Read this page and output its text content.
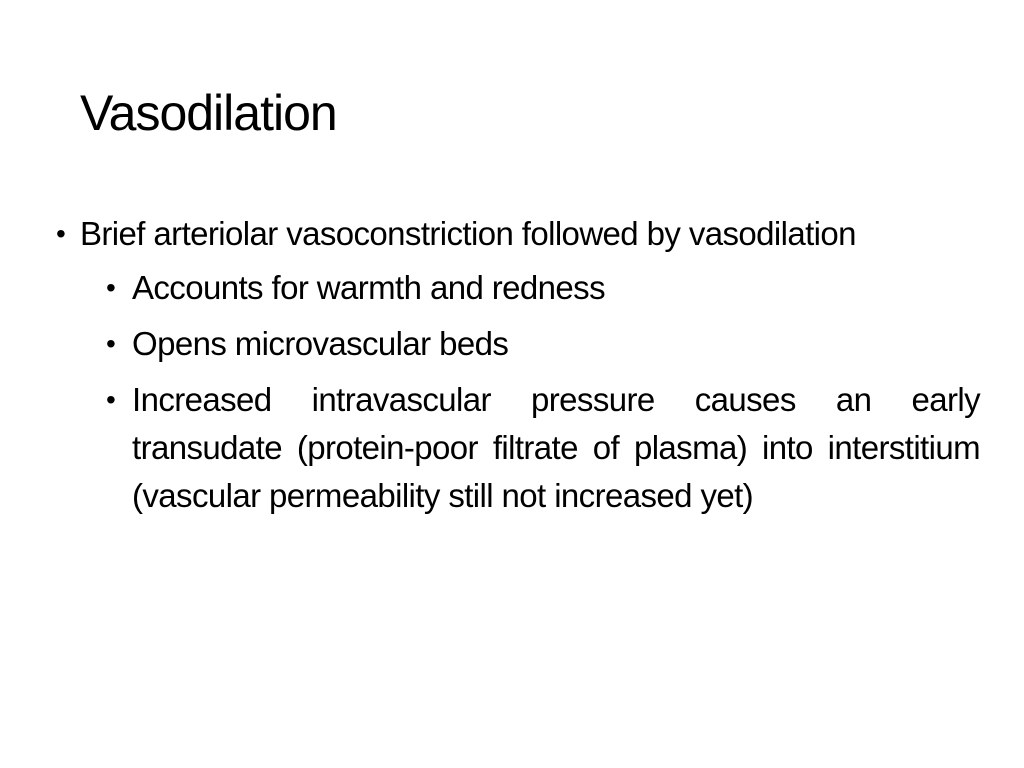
Vasodilation
• Brief arteriolar vasoconstriction followed by vasodilation
• Accounts for warmth and redness
• Opens microvascular beds
• Increased intravascular pressure causes an early transudate (protein-poor filtrate of plasma) into interstitium (vascular permeability still not increased yet)
